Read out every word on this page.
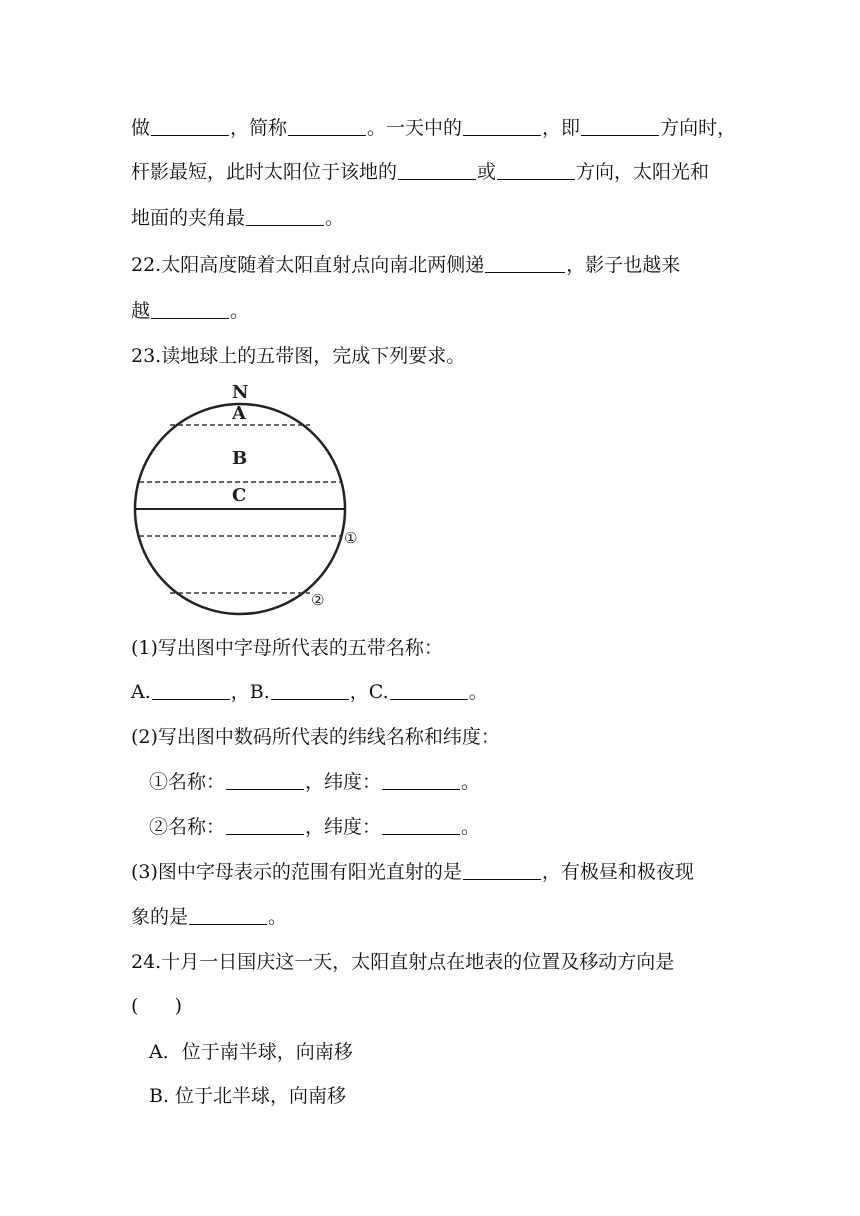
做	，简称	。一天中的	，即	方向时，
杆影最短，此时太阳位于该地的	或	方向，太阳光和
地面的夹角最	。
22.太阳高度随着太阳直射点向南北两侧递	，影子也越来
越	。
23.读地球上的五带图，完成下列要求。
N
A
B
C
①
②
(1)写出图中字母所代表的五带名称：
A.	，B.	，C.	。
(2)写出图中数码所代表的纬线名称和纬度：
①名称：	，纬度：	。
②名称：	，纬度：	。
(3)图中字母表示的范围有阳光直射的是	，有极昼和极夜现
象的是	。
24.十月一日国庆这一天，太阳直射点在地表的位置及移动方向是
(      )
A．位于南半球，向南移
B. 位于北半球，向南移
